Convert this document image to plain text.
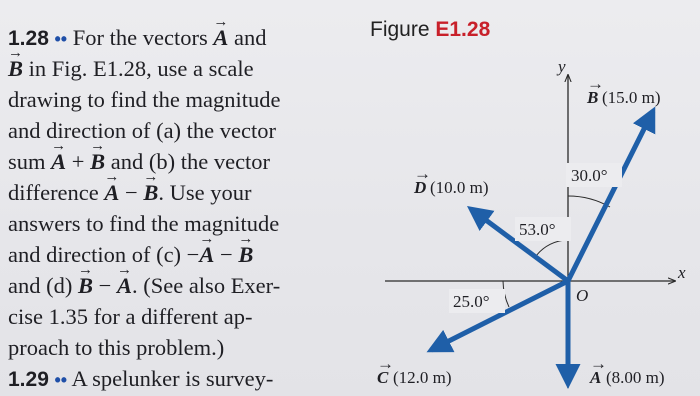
1.28 •• For the vectors → A and
→ B in Fig. E1.28, use a scale
drawing to find the magnitude
and direction of (a) the vector
sum → A + → B and (b) the vector
difference → A − → B. Use your
answers to find the magnitude
and direction of (c) −→ A − → B
and (d) → B − → A. (See also Exer-
cise 1.35 for a different ap-
proach to this problem.)
1.29 •• A spelunker is survey-
Figure E1.28
y
x
O
30.0°
53.0°
25.0°
B
→
(15.0 m)
D
→
(10.0 m)
C
→
(12.0 m)	A
→
(8.00 m)
